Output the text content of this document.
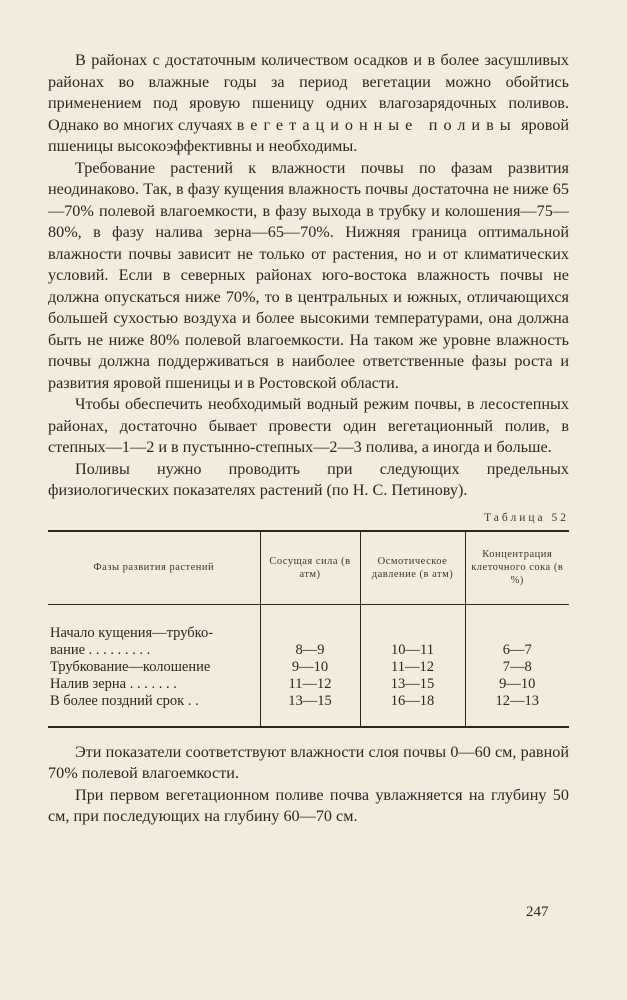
В районах с достаточным количеством осадков и в более засушливых районах во влажные годы за период вегетации можно обойтись применением под яровую пшеницу одних влагозарядочных поливов. Однако во многих случаях вегетационные поливы яровой пшеницы высокоэффективны и необходимы.

Требование растений к влажности почвы по фазам развития неодинаково. Так, в фазу кущения влажность почвы достаточна не ниже 65—70% полевой влагоемкости, в фазу выхода в трубку и колошения—75—80%, в фазу налива зерна—65—70%. Нижняя граница оптимальной влажности почвы зависит не только от растения, но и от климатических условий. Если в северных районах юго-востока влажность почвы не должна опускаться ниже 70%, то в центральных и южных, отличающихся большей сухостью воздуха и более высокими температурами, она должна быть не ниже 80% полевой влагоемкости. На таком же уровне влажность почвы должна поддерживаться в наиболее ответственные фазы роста и развития яровой пшеницы и в Ростовской области.

Чтобы обеспечить необходимый водный режим почвы, в лесостепных районах, достаточно бывает провести один вегетационный полив, в степных—1—2 и в пустынно-степных—2—3 полива, а иногда и больше.

Поливы нужно проводить при следующих предельных физиологических показателях растений (по Н. С. Петинову).

Таблица 52
Фазы развития растений	Сосущая сила (в атм)	Осмотическое давление (в атм)	Концентрация клеточного сока (в %)

Начало кущения—трубко-
вание . . . . . . . . .	8—9	10—11	6—7
Трубкование—колошение	9—10	11—12	7—8
Налив зерна . . . . . . .	11—12	13—15	9—10
В более поздний срок . .	13—15	16—18	12—13

Эти показатели соответствуют влажности слоя почвы 0—60 см, равной 70% полевой влагоемкости.

При первом вегетационном поливе почва увлажняется на глубину 50 см, при последующих на глубину 60—70 см.

247
